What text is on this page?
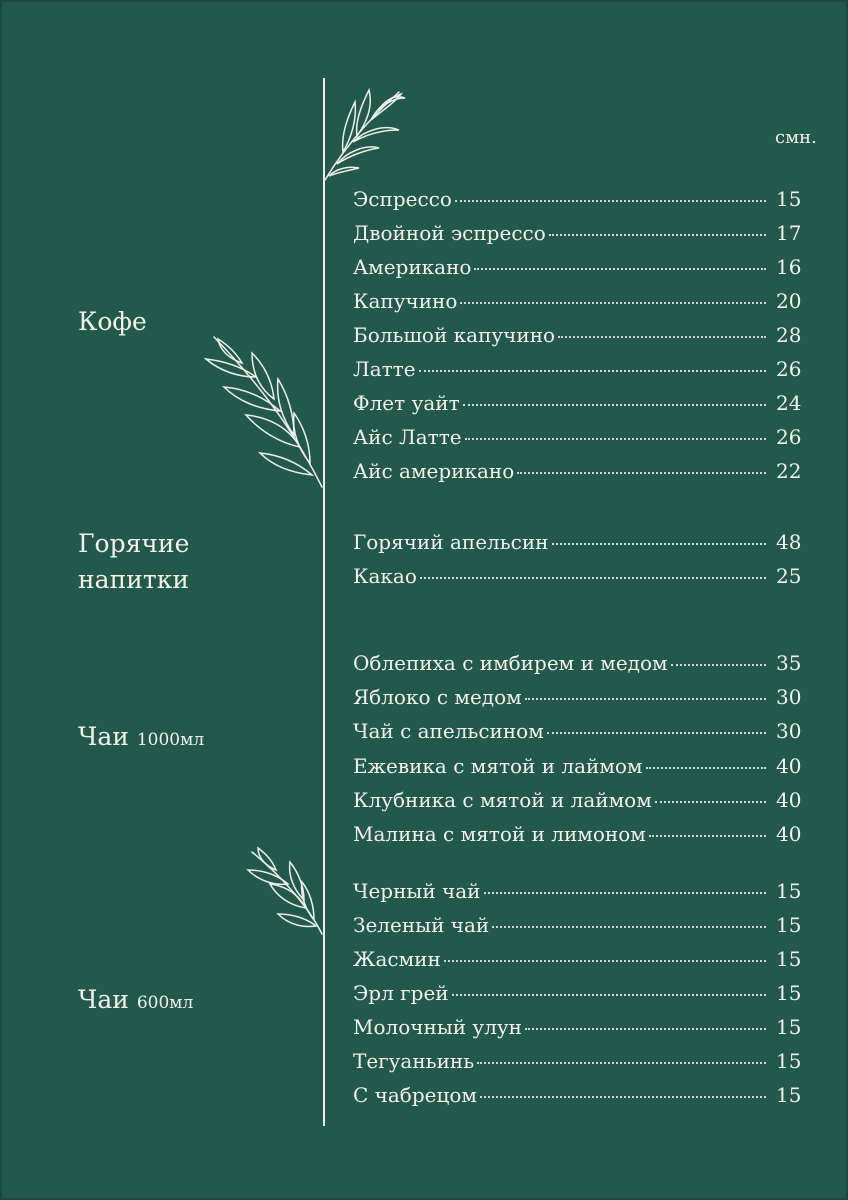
смн.
Кофе
Горячие
напитки
Чаи 1000мл
Чаи 600мл
Эспрессо	15
Двойной эспрессо	17
Американо	16
Капучино	20
Большой капучино	28
Латте	26
Флет уайт	24
Айс Латте	26
Айс американо	22
Горячий апельсин	48
Какао	25
Облепиха с имбирем и медом	35
Яблоко с медом	30
Чай с апельсином	30
Ежевика с мятой и лаймом	40
Клубника с мятой и лаймом	40
Малина с мятой и лимоном	40
Черный чай	15
Зеленый чай	15
Жасмин	15
Эрл грей	15
Молочный улун	15
Тегуаньинь	15
С чабрецом	15
